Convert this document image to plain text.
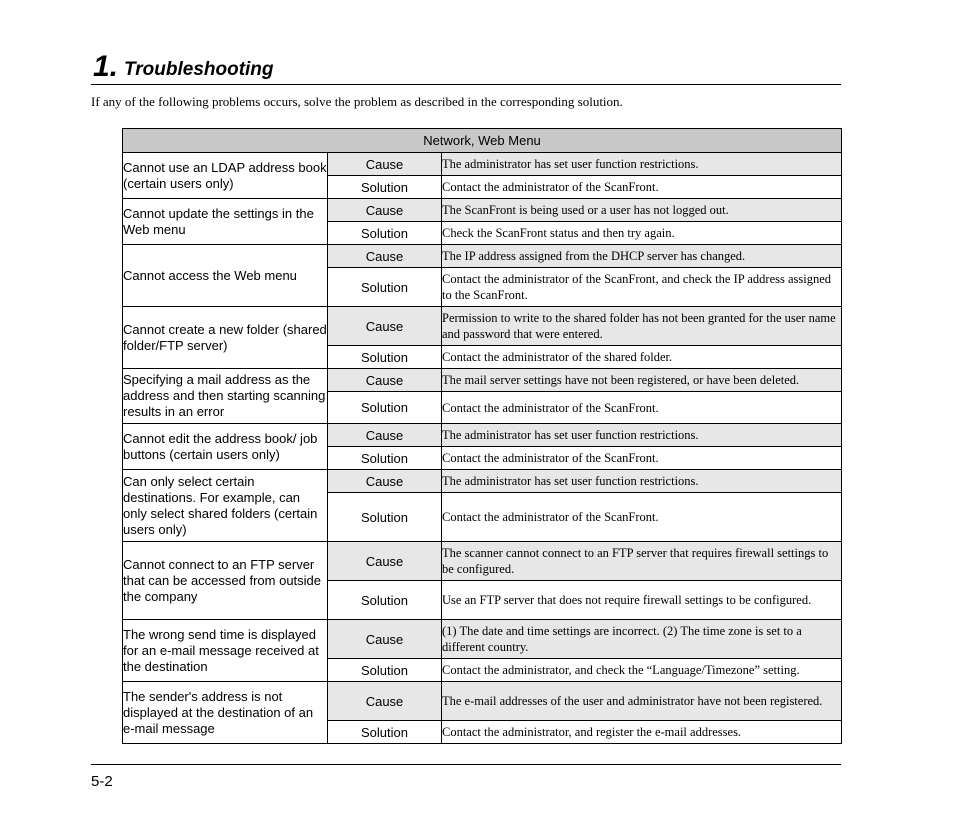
1. Troubleshooting
If any of the following problems occurs, solve the problem as described in the corresponding solution.
Network, Web Menu		
Cannot use an LDAP address book (certain users only)	Cause	The administrator has set user function restrictions.
	Solution	Contact the administrator of the ScanFront.
Cannot update the settings in the Web menu	Cause	The ScanFront is being used or a user has not logged out.
	Solution	Check the ScanFront status and then try again.
Cannot access the Web menu	Cause	The IP address assigned from the DHCP server has changed.
	Solution	Contact the administrator of the ScanFront, and check the IP address assigned to the ScanFront.
Cannot create a new folder (shared folder/FTP server)	Cause	Permission to write to the shared folder has not been granted for the user name and password that were entered.
	Solution	Contact the administrator of the shared folder.
Specifying a mail address as the address and then starting scanning results in an error	Cause	The mail server settings have not been registered, or have been deleted.
	Solution	Contact the administrator of the ScanFront.
Cannot edit the address book/ job buttons (certain users only)	Cause	The administrator has set user function restrictions.
	Solution	Contact the administrator of the ScanFront.
Can only select certain destinations. For example, can only select shared folders (certain users only)	Cause	The administrator has set user function restrictions.
	Solution	Contact the administrator of the ScanFront.
Cannot connect to an FTP server that can be accessed from outside the company	Cause	The scanner cannot connect to an FTP server that requires firewall settings to be configured.
	Solution	Use an FTP server that does not require firewall settings to be configured.
The wrong send time is displayed for an e-mail message received at the destination	Cause	(1) The date and time settings are incorrect. (2) The time zone is set to a different country.
	Solution	Contact the administrator, and check the “Language/Timezone” setting.
The sender's address is not displayed at the destination of an e-mail message	Cause	The e-mail addresses of the user and administrator have not been registered.
	Solution	Contact the administrator, and register the e-mail addresses.
5-2
